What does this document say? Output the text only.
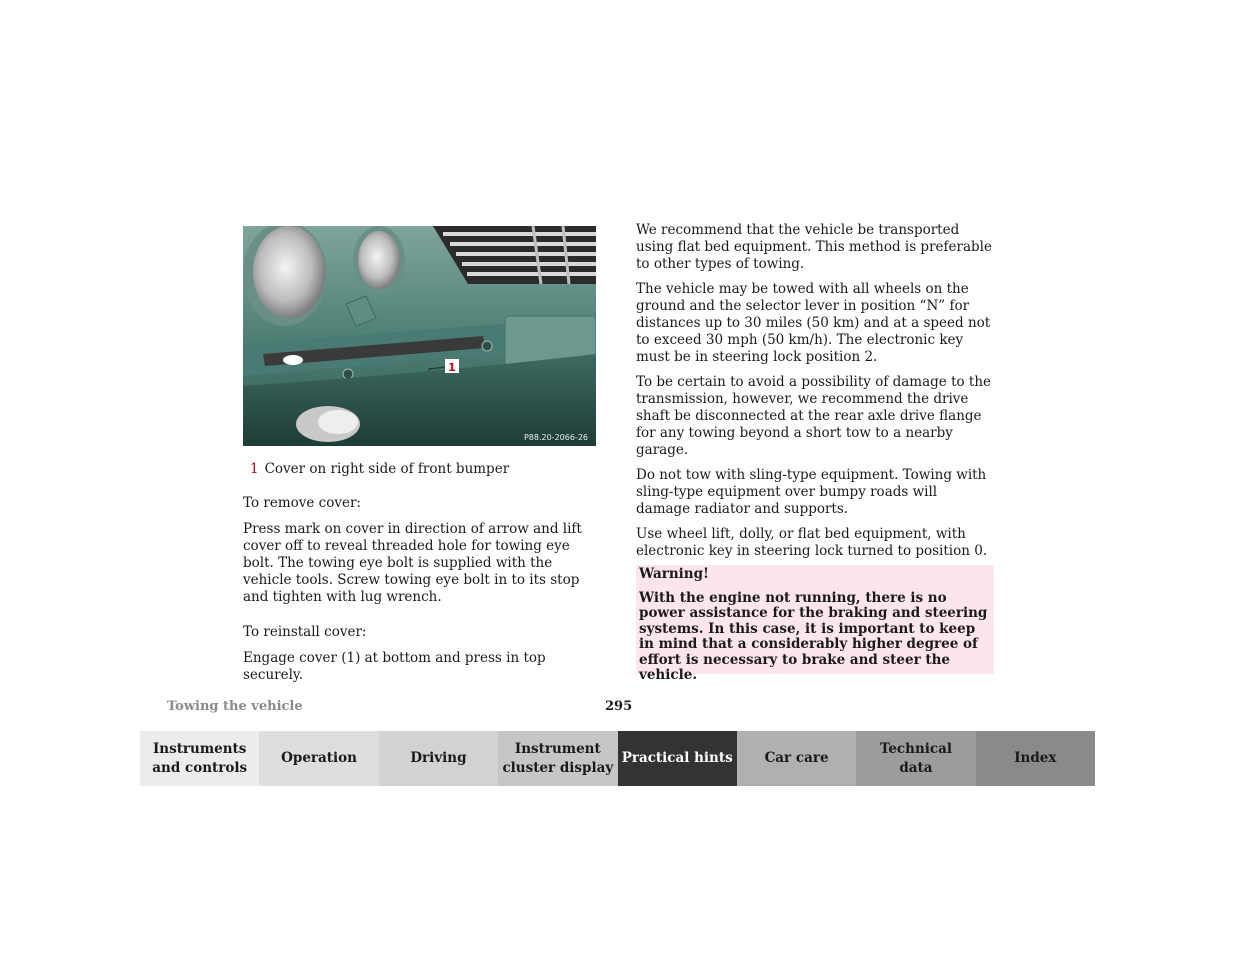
1
P88.20-2066-26
1 Cover on right side of front bumper

To remove cover:

Press mark on cover in direction of arrow and lift cover off to reveal threaded hole for towing eye bolt. The towing eye bolt is supplied with the vehicle tools. Screw towing eye bolt in to its stop and tighten with lug wrench.

To reinstall cover:

Engage cover (1) at bottom and press in top securely.

We recommend that the vehicle be transported using flat bed equipment. This method is preferable to other types of towing.

The vehicle may be towed with all wheels on the ground and the selector lever in position “N” for distances up to 30 miles (50 km) and at a speed not to exceed 30 mph (50 km/h). The electronic key must be in steering lock position 2.

To be certain to avoid a possibility of damage to the transmission, however, we recommend the drive shaft be disconnected at the rear axle drive flange for any towing beyond a short tow to a nearby garage.

Do not tow with sling-type equipment. Towing with sling-type equipment over bumpy roads will damage radiator and supports.

Use wheel lift, dolly, or flat bed equipment, with electronic key in steering lock turned to position 0.

Warning!

With the engine not running, there is no power assistance for the braking and steering systems. In this case, it is important to keep in mind that a considerably higher degree of effort is necessary to brake and steer the vehicle.

Towing the vehicle	295
Instruments
and controls
Operation	Driving
Instrument
cluster display
Practical hints	Car care
Technical
data
Index
